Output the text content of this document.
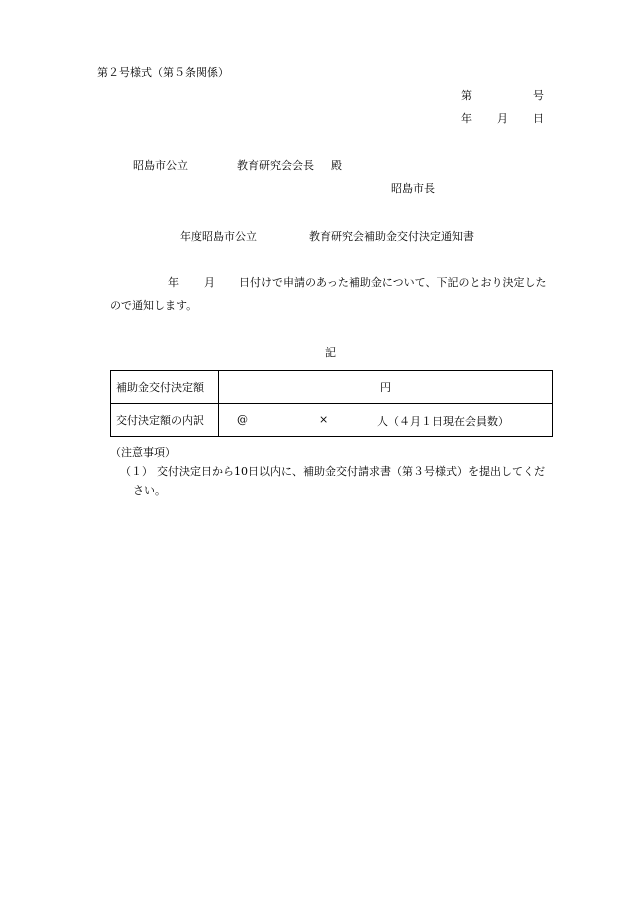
第２号様式（第５条関係）
第	号
年 月 日
昭島市公立	教育研究会会長 殿
昭島市長
年度昭島市公立	教育研究会補助金交付決定通知書
年 月 日付けで申請のあった補助金について、下記のとおり決定した
ので通知します。
記
補助金交付決定額	円
交付決定額の内訳	@ × 人（４月１日現在会員数）
（注意事項）
（１） 交付決定日から10日以内に、補助金交付請求書（第３号様式）を提出してくだ
さい。
